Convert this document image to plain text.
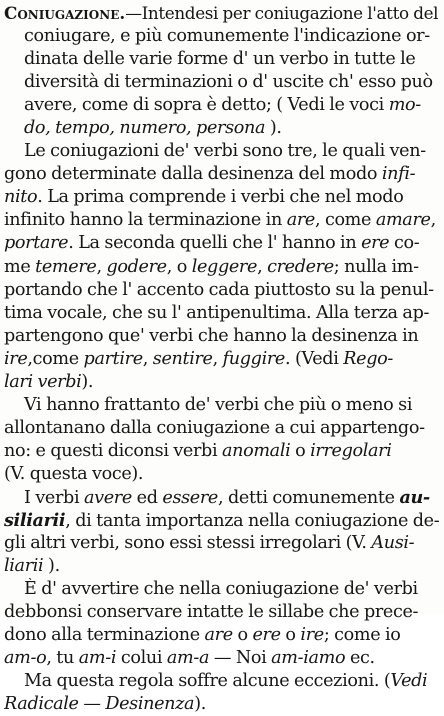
Coniugazione.—Intendesi per coniugazione l'atto del
coniugare, e più comunemente l'indicazione or-
dinata delle varie forme d' un verbo in tutte le
diversità di terminazioni o d' uscite ch' esso può
avere, come di sopra è detto; ( Vedi le voci mo-
do, tempo, numero, persona ).
Le coniugazioni de' verbi sono tre, le quali ven-
gono determinate dalla desinenza del modo infi-
nito. La prima comprende i verbi che nel modo
infinito hanno la terminazione in are, come amare,
portare. La seconda quelli che l' hanno in ere co-
me temere, godere, o leggere, credere; nulla im-
portando che l' accento cada piuttosto su la penul-
tima vocale, che su l' antipenultima. Alla terza ap-
partengono que' verbi che hanno la desinenza in
ire,come partire, sentire, fuggire. (Vedi Rego-
lari verbi).
Vi hanno frattanto de' verbi che più o meno si
allontanano dalla coniugazione a cui appartengo-
no: e questi diconsi verbi anomali o irregolari
(V. questa voce).
I verbi avere ed essere, detti comunemente au-
siliarii, di tanta importanza nella coniugazione de-
gli altri verbi, sono essi stessi irregolari (V. Ausi-
liarii ).
È d' avvertire che nella coniugazione de' verbi
debbonsi conservare intatte le sillabe che prece-
dono alla terminazione are o ere o ire; come io
am-o, tu am-i colui am-a — Noi am-iamo ec.
Ma questa regola soffre alcune eccezioni. (Vedi
Radicale — Desinenza).
